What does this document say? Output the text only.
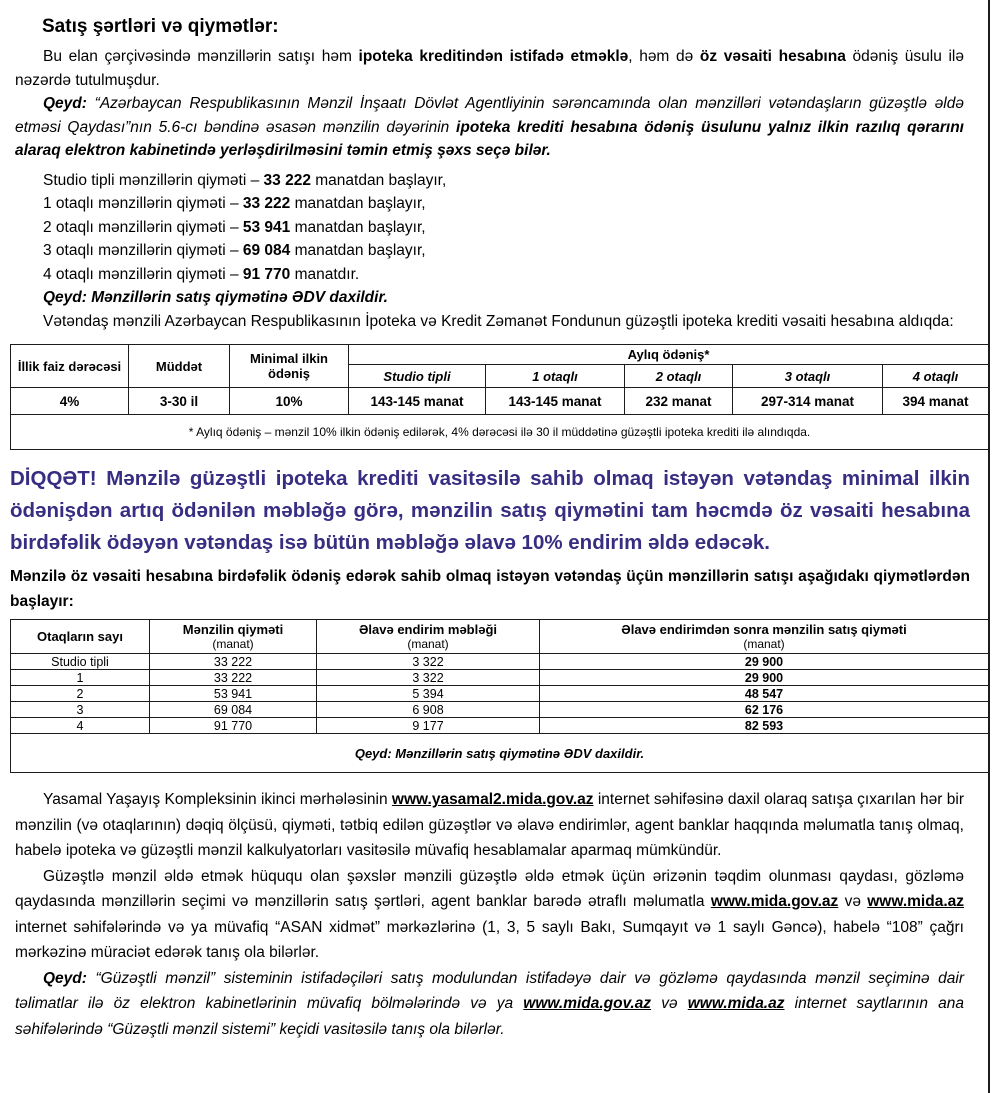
Satış şərtləri və qiymətlər:

Bu elan çərçivəsində mənzillərin satışı həm ipoteka kreditindən istifadə etməklə, həm də öz vəsaiti hesabına ödəniş üsulu ilə nəzərdə tutulmuşdur.

Qeyd: “Azərbaycan Respublikasının Mənzil İnşaatı Dövlət Agentliyinin sərəncamında olan mənzilləri vətəndaşların güzəştlə əldə etməsi Qaydası”nın 5.6-cı bəndinə əsasən mənzilin dəyərinin ipoteka krediti hesabına ödəniş üsulunu yalnız ilkin razılıq qərarını alaraq elektron kabinetində yerləşdirilməsini təmin etmiş şəxs seçə bilər.

Studio tipli mənzillərin qiyməti – 33 222 manatdan başlayır,
1 otaqlı mənzillərin qiyməti – 33 222 manatdan başlayır,
2 otaqlı mənzillərin qiyməti – 53 941 manatdan başlayır,
3 otaqlı mənzillərin qiyməti – 69 084 manatdan başlayır,
4 otaqlı mənzillərin qiyməti – 91 770 manatdır.
Qeyd: Mənzillərin satış qiymətinə ƏDV daxildir.

Vətəndaş mənzili Azərbaycan Respublikasının İpoteka və Kredit Zəmanət Fondunun güzəştli ipoteka krediti vəsaiti hesabına aldıqda:

İllik faiz dərəcəsi	Müddət	Minimal ilkin ödəniş	Aylıq ödəniş*				
			Studio tipli	1 otaqlı	2 otaqlı	3 otaqlı	4 otaqlı
4%	3-30 il	10%	143-145 manat	143-145 manat	232 manat	297-314 manat	394 manat
* Aylıq ödəniş – mənzil 10% ilkin ödəniş edilərək, 4% dərəcəsi ilə 30 il müddətinə güzəştli ipoteka krediti ilə alındıqda.							

DİQQƏT! Mənzilə güzəştli ipoteka krediti vasitəsilə sahib olmaq istəyən vətəndaş minimal ilkin ödənişdən artıq ödənilən məbləğə görə, mənzilin satış qiymətini tam həcmdə öz vəsaiti hesabına birdəfəlik ödəyən vətəndaş isə bütün məbləğə əlavə 10% endirim əldə edəcək.

Mənzilə öz vəsaiti hesabına birdəfəlik ödəniş edərək sahib olmaq istəyən vətəndaş üçün mənzillərin satışı aşağıdakı qiymətlərdən başlayır:

Otaqların sayı	Mənzilin qiyməti
(manat)

Əlavə endirim məbləği
(manat)

Əlavə endirimdən sonra mənzilin satış qiyməti
(manat)

Studio tipli	33 222	3 322	29 900
1	33 222	3 322	29 900
2	53 941	5 394	48 547
3	69 084	6 908	62 176
4	91 770	9 177	82 593
Qeyd: Mənzillərin satış qiymətinə ƏDV daxildir.			

Yasamal Yaşayış Kompleksinin ikinci mərhələsinin www.yasamal2.mida.gov.az internet səhifəsinə daxil olaraq satışa çıxarılan hər bir mənzilin (və otaqlarının) dəqiq ölçüsü, qiyməti, tətbiq edilən güzəştlər və əlavə endirimlər, agent banklar haqqında məlumatla tanış olmaq, habelə ipoteka və güzəştli mənzil kalkulyatorları vasitəsilə müvafiq hesablamalar aparmaq mümkündür.

Güzəştlə mənzil əldə etmək hüququ olan şəxslər mənzili güzəştlə əldə etmək üçün ərizənin təqdim olunması qaydası, gözləmə qaydasında mənzillərin seçimi və mənzillərin satış şərtləri, agent banklar barədə ətraflı məlumatla www.mida.gov.az və www.mida.az internet səhifələrində və ya müvafiq “ASAN xidmət” mərkəzlərinə (1, 3, 5 saylı Bakı, Sumqayıt və 1 saylı Gəncə), habelə “108” çağrı mərkəzinə müraciət edərək tanış ola bilərlər.

Qeyd: “Güzəştli mənzil” sisteminin istifadəçiləri satış modulundan istifadəyə dair və gözləmə qaydasında mənzil seçiminə dair təlimatlar ilə öz elektron kabinetlərinin müvafiq bölmələrində və ya www.mida.gov.az və www.mida.az internet saytlarının ana səhifələrində “Güzəştli mənzil sistemi” keçidi vasitəsilə tanış ola bilərlər.
